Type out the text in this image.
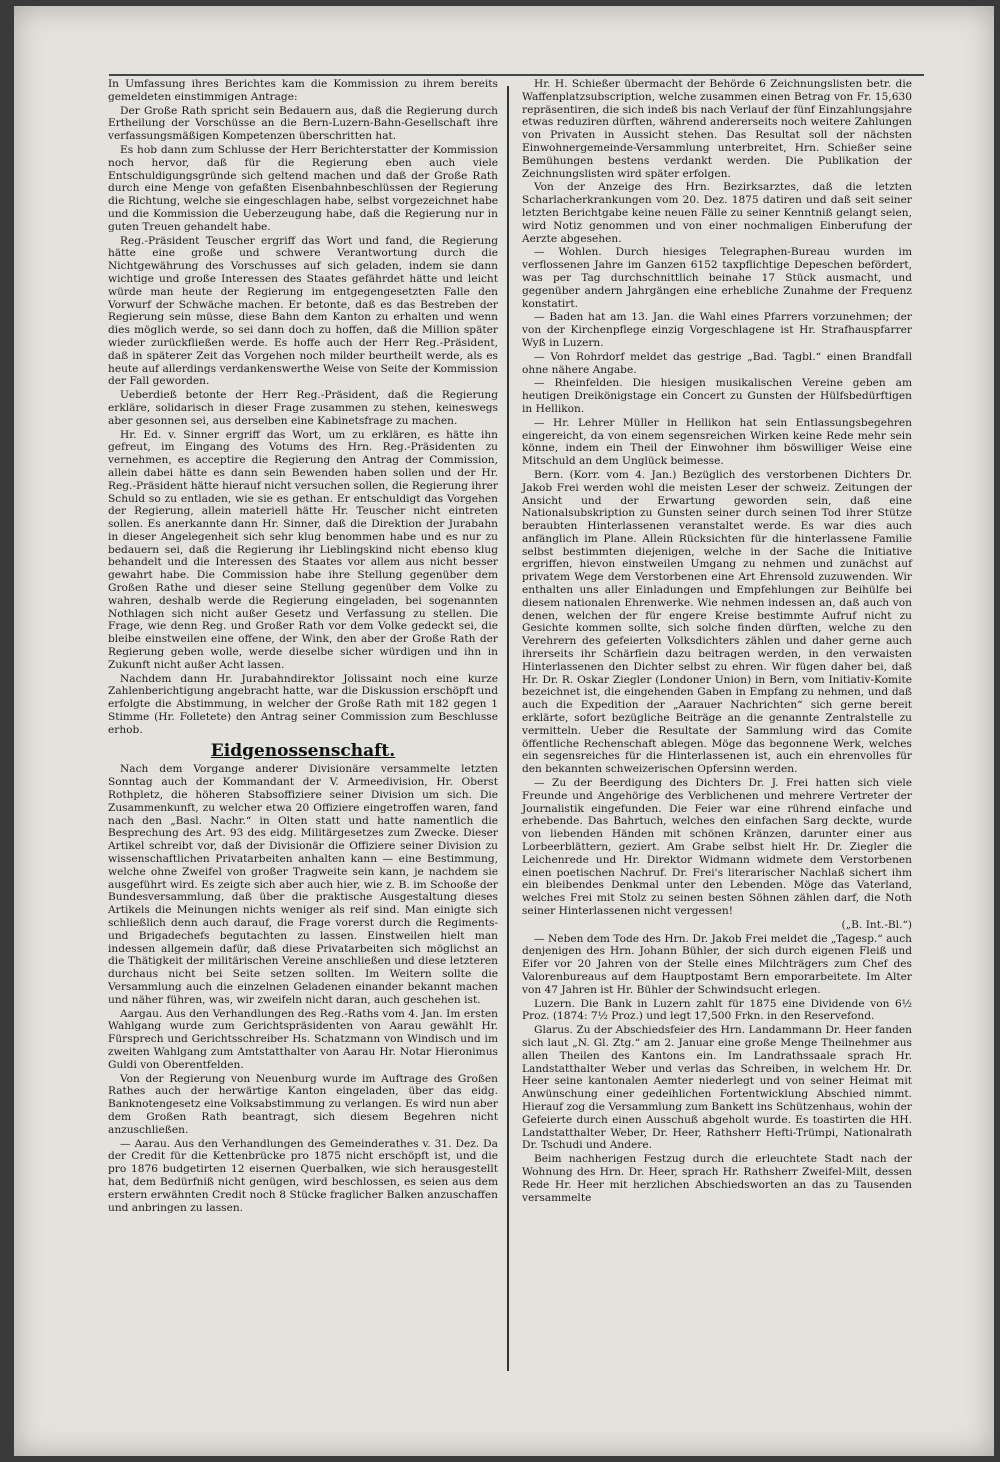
In Umfassung ihres Berichtes kam die Kommission zu ihrem bereits gemeldeten einstimmigen Antrage:

Der Große Rath spricht sein Bedauern aus, daß die Regierung durch Ertheilung der Vorschüsse an die Bern-Luzern-Bahn-Gesellschaft ihre verfassungsmäßigen Kompetenzen überschritten hat.

Es hob dann zum Schlusse der Herr Berichterstatter der Kommission noch hervor, daß für die Regierung eben auch viele Entschuldigungsgründe sich geltend machen und daß der Große Rath durch eine Menge von gefaßten Eisenbahnbeschlüssen der Regierung die Richtung, welche sie eingeschlagen habe, selbst vorgezeichnet habe und die Kommission die Ueberzeugung habe, daß die Regierung nur in guten Treuen gehandelt habe.

Reg.-Präsident Teuscher ergriff das Wort und fand, die Regierung hätte eine große und schwere Verantwortung durch die Nichtgewährung des Vorschusses auf sich geladen, indem sie dann wichtige und große Interessen des Staates gefährdet hätte und leicht würde man heute der Regierung im entgegengesetzten Falle den Vorwurf der Schwäche machen. Er betonte, daß es das Bestreben der Regierung sein müsse, diese Bahn dem Kanton zu erhalten und wenn dies möglich werde, so sei dann doch zu hoffen, daß die Million später wieder zurückfließen werde. Es hoffe auch der Herr Reg.-Präsident, daß in späterer Zeit das Vorgehen noch milder beurtheilt werde, als es heute auf allerdings verdankenswerthe Weise von Seite der Kommission der Fall geworden.

Ueberdieß betonte der Herr Reg.-Präsident, daß die Regierung erkläre, solidarisch in dieser Frage zusammen zu stehen, keineswegs aber gesonnen sei, aus derselben eine Kabinetsfrage zu machen.

Hr. Ed. v. Sinner ergriff das Wort, um zu erklären, es hätte ihn gefreut, im Eingang des Votums des Hrn. Reg.-Präsidenten zu vernehmen, es acceptire die Regierung den Antrag der Commission, allein dabei hätte es dann sein Bewenden haben sollen und der Hr. Reg.-Präsident hätte hierauf nicht versuchen sollen, die Regierung ihrer Schuld so zu entladen, wie sie es gethan. Er entschuldigt das Vorgehen der Regierung, allein materiell hätte Hr. Teuscher nicht eintreten sollen. Es anerkannte dann Hr. Sinner, daß die Direktion der Jurabahn in dieser Angelegenheit sich sehr klug benommen habe und es nur zu bedauern sei, daß die Regierung ihr Lieblingskind nicht ebenso klug behandelt und die Interessen des Staates vor allem aus nicht besser gewahrt habe. Die Commission habe ihre Stellung gegenüber dem Großen Rathe und dieser seine Stellung gegenüber dem Volke zu wahren, deshalb werde die Regierung eingeladen, bei sogenannten Nothlagen sich nicht außer Gesetz und Verfassung zu stellen. Die Frage, wie denn Reg. und Großer Rath vor dem Volke gedeckt sei, die bleibe einstweilen eine offene, der Wink, den aber der Große Rath der Regierung geben wolle, werde dieselbe sicher würdigen und ihn in Zukunft nicht außer Acht lassen.

Nachdem dann Hr. Jurabahndirektor Jolissaint noch eine kurze Zahlenberichtigung angebracht hatte, war die Diskussion erschöpft und erfolgte die Abstimmung, in welcher der Große Rath mit 182 gegen 1 Stimme (Hr. Folletete) den Antrag seiner Commission zum Beschlusse erhob.

Eidgenossenschaft.

Nach dem Vorgange anderer Divisionäre versammelte letzten Sonntag auch der Kommandant der V. Armeedivision, Hr. Oberst Rothpletz, die höheren Stabsoffiziere seiner Division um sich. Die Zusammenkunft, zu welcher etwa 20 Offiziere eingetroffen waren, fand nach den „Basl. Nachr.“ in Olten statt und hatte namentlich die Besprechung des Art. 93 des eidg. Militärgesetzes zum Zwecke. Dieser Artikel schreibt vor, daß der Divisionär die Offiziere seiner Division zu wissenschaftlichen Privatarbeiten anhalten kann — eine Bestimmung, welche ohne Zweifel von großer Tragweite sein kann, je nachdem sie ausgeführt wird. Es zeigte sich aber auch hier, wie z. B. im Schooße der Bundesversammlung, daß über die praktische Ausgestaltung dieses Artikels die Meinungen nichts weniger als reif sind. Man einigte sich schließlich denn auch darauf, die Frage vorerst durch die Regiments- und Brigadechefs begutachten zu lassen. Einstweilen hielt man indessen allgemein dafür, daß diese Privatarbeiten sich möglichst an die Thätigkeit der militärischen Vereine anschließen und diese letzteren durchaus nicht bei Seite setzen sollten. Im Weitern sollte die Versammlung auch die einzelnen Geladenen einander bekannt machen und näher führen, was, wir zweifeln nicht daran, auch geschehen ist.

Aargau. Aus den Verhandlungen des Reg.-Raths vom 4. Jan. Im ersten Wahlgang wurde zum Gerichtspräsidenten von Aarau gewählt Hr. Fürsprech und Gerichtsschreiber Hs. Schatzmann von Windisch und im zweiten Wahlgang zum Amtstatthalter von Aarau Hr. Notar Hieronimus Guldi von Oberentfelden.

Von der Regierung von Neuenburg wurde im Auftrage des Großen Rathes auch der herwärtige Kanton eingeladen, über das eidg. Banknotengesetz eine Volksabstimmung zu verlangen. Es wird nun aber dem Großen Rath beantragt, sich diesem Begehren nicht anzuschließen.

— Aarau. Aus den Verhandlungen des Gemeinderathes v. 31. Dez. Da der Credit für die Kettenbrücke pro 1875 nicht erschöpft ist, und die pro 1876 budgetirten 12 eisernen Querbalken, wie sich herausgestellt hat, dem Bedürfniß nicht genügen, wird beschlossen, es seien aus dem erstern erwähnten Credit noch 8 Stücke fraglicher Balken anzuschaffen und anbringen zu lassen.

Hr. H. Schießer übermacht der Behörde 6 Zeichnungslisten betr. die Waffenplatzsubscription, welche zusammen einen Betrag von Fr. 15,630 repräsentiren, die sich indeß bis nach Verlauf der fünf Einzahlungsjahre etwas reduziren dürften, während andererseits noch weitere Zahlungen von Privaten in Aussicht stehen. Das Resultat soll der nächsten Einwohnergemeinde-Versammlung unterbreitet, Hrn. Schießer seine Bemühungen bestens verdankt werden. Die Publikation der Zeichnungslisten wird später erfolgen.

Von der Anzeige des Hrn. Bezirksarztes, daß die letzten Scharlacherkrankungen vom 20. Dez. 1875 datiren und daß seit seiner letzten Berichtgabe keine neuen Fälle zu seiner Kenntniß gelangt seien, wird Notiz genommen und von einer nochmaligen Einberufung der Aerzte abgesehen.

— Wohlen. Durch hiesiges Telegraphen-Bureau wurden im verflossenen Jahre im Ganzen 6152 taxpflichtige Depeschen befördert, was per Tag durchschnittlich beinahe 17 Stück ausmacht, und gegenüber andern Jahrgängen eine erhebliche Zunahme der Frequenz konstatirt.

— Baden hat am 13. Jan. die Wahl eines Pfarrers vorzunehmen; der von der Kirchenpflege einzig Vorgeschlagene ist Hr. Strafhauspfarrer Wyß in Luzern.

— Von Rohrdorf meldet das gestrige „Bad. Tagbl.“ einen Brandfall ohne nähere Angabe.

— Rheinfelden. Die hiesigen musikalischen Vereine geben am heutigen Dreikönigstage ein Concert zu Gunsten der Hülfsbedürftigen in Hellikon.

— Hr. Lehrer Müller in Hellikon hat sein Entlassungsbegehren eingereicht, da von einem segensreichen Wirken keine Rede mehr sein könne, indem ein Theil der Einwohner ihm böswilliger Weise eine Mitschuld an dem Unglück beimesse.

Bern. (Korr. vom 4. Jan.) Bezüglich des verstorbenen Dichters Dr. Jakob Frei werden wohl die meisten Leser der schweiz. Zeitungen der Ansicht und der Erwartung geworden sein, daß eine Nationalsubskription zu Gunsten seiner durch seinen Tod ihrer Stütze beraubten Hinterlassenen veranstaltet werde. Es war dies auch anfänglich im Plane. Allein Rücksichten für die hinterlassene Familie selbst bestimmten diejenigen, welche in der Sache die Initiative ergriffen, hievon einstweilen Umgang zu nehmen und zunächst auf privatem Wege dem Verstorbenen eine Art Ehrensold zuzuwenden. Wir enthalten uns aller Einladungen und Empfehlungen zur Beihülfe bei diesem nationalen Ehrenwerke. Wie nehmen indessen an, daß auch von denen, welchen der für engere Kreise bestimmte Aufruf nicht zu Gesichte kommen sollte, sich solche finden dürften, welche zu den Verehrern des gefeierten Volksdichters zählen und daher gerne auch ihrerseits ihr Schärflein dazu beitragen werden, in den verwaisten Hinterlassenen den Dichter selbst zu ehren. Wir fügen daher bei, daß Hr. Dr. R. Oskar Ziegler (Londoner Union) in Bern, vom Initiativ-Komite bezeichnet ist, die eingehenden Gaben in Empfang zu nehmen, und daß auch die Expedition der „Aarauer Nachrichten“ sich gerne bereit erklärte, sofort bezügliche Beiträge an die genannte Zentralstelle zu vermitteln. Ueber die Resultate der Sammlung wird das Comite öffentliche Rechenschaft ablegen. Möge das begonnene Werk, welches ein segensreiches für die Hinterlassenen ist, auch ein ehrenvolles für den bekannten schweizerischen Opfersinn werden.

— Zu der Beerdigung des Dichters Dr. J. Frei hatten sich viele Freunde und Angehörige des Verblichenen und mehrere Vertreter der Journalistik eingefunden. Die Feier war eine rührend einfache und erhebende. Das Bahrtuch, welches den einfachen Sarg deckte, wurde von liebenden Händen mit schönen Kränzen, darunter einer aus Lorbeerblättern, geziert. Am Grabe selbst hielt Hr. Dr. Ziegler die Leichenrede und Hr. Direktor Widmann widmete dem Verstorbenen einen poetischen Nachruf. Dr. Frei's literarischer Nachlaß sichert ihm ein bleibendes Denkmal unter den Lebenden. Möge das Vaterland, welches Frei mit Stolz zu seinen besten Söhnen zählen darf, die Noth seiner Hinterlassenen nicht vergessen!

(„B. Int.-Bl.“)

— Neben dem Tode des Hrn. Dr. Jakob Frei meldet die „Tagesp.“ auch denjenigen des Hrn. Johann Bühler, der sich durch eigenen Fleiß und Eifer vor 20 Jahren von der Stelle eines Milchträgers zum Chef des Valorenbureaus auf dem Hauptpostamt Bern emporarbeitete. Im Alter von 47 Jahren ist Hr. Bühler der Schwindsucht erlegen.

Luzern. Die Bank in Luzern zahlt für 1875 eine Dividende von 6½ Proz. (1874: 7½ Proz.) und legt 17,500 Frkn. in den Reservefond.

Glarus. Zu der Abschiedsfeier des Hrn. Landammann Dr. Heer fanden sich laut „N. Gl. Ztg.“ am 2. Januar eine große Menge Theilnehmer aus allen Theilen des Kantons ein. Im Landrathssaale sprach Hr. Landstatthalter Weber und verlas das Schreiben, in welchem Hr. Dr. Heer seine kantonalen Aemter niederlegt und von seiner Heimat mit Anwünschung einer gedeihlichen Fortentwicklung Abschied nimmt. Hierauf zog die Versammlung zum Bankett ins Schützenhaus, wohin der Gefeierte durch einen Ausschuß abgeholt wurde. Es toastirten die HH. Landstatthalter Weber, Dr. Heer, Rathsherr Hefti-Trümpi, Nationalrath Dr. Tschudi und Andere.

Beim nachherigen Festzug durch die erleuchtete Stadt nach der Wohnung des Hrn. Dr. Heer, sprach Hr. Rathsherr Zweifel-Milt, dessen Rede Hr. Heer mit herzlichen Abschiedsworten an das zu Tausenden versammelte
